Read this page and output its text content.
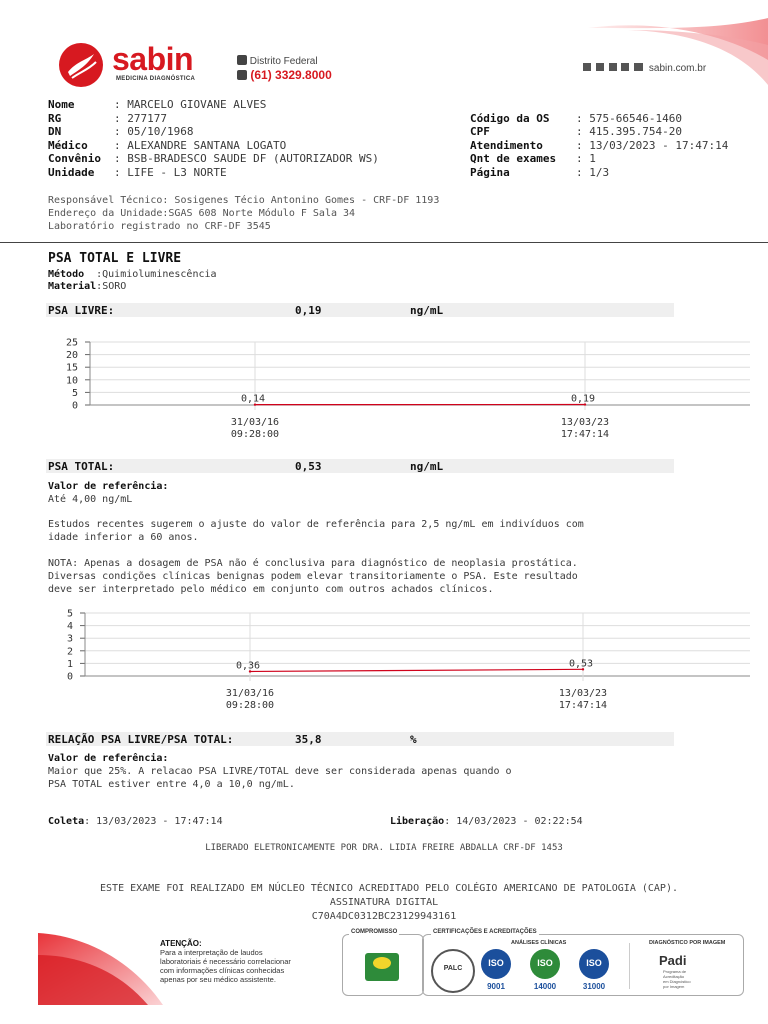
sabin
MEDICINA DIAGNÓSTICA
Distrito Federal
(61) 3329.8000	sabin.com.br
Nome	: MARCELO GIOVANE ALVES
RG	: 277177
DN	: 05/10/1968
Médico : ALEXANDRE SANTANA LOGATO
Convênio : BSB-BRADESCO SAUDE DF (AUTORIZADOR WS)
Unidade : LIFE - L3 NORTE
Código da OS : 575-66546-1460
CPF	: 415.395.754-20
Atendimento	: 13/03/2023 - 17:47:14
Qnt de exames : 1
Página	: 1/3
Responsável Técnico: Sosigenes Técio Antonino Gomes - CRF-DF 1193
Endereço da Unidade:SGAS 608 Norte Módulo F Sala 34
Laboratório registrado no CRF-DF 3545
PSA TOTAL E LIVRE
Método :Quimioluminescência
Material:SORO
PSA LIVRE:	0,19	ng/mL
0
5
10
15
20
25
31/03/16
09:28:00
13/03/23
17:47:14
0,14	0,19
PSA TOTAL:	0,53	ng/mL
Valor de referência:
Até 4,00 ng/mL
Estudos recentes sugerem o ajuste do valor de referência para 2,5 ng/mL em indivíduos com
idade inferior a 60 anos.
NOTA: Apenas a dosagem de PSA não é conclusiva para diagnóstico de neoplasia prostática.
Diversas condições clínicas benignas podem elevar transitoriamente o PSA. Este resultado
deve ser interpretado pelo médico em conjunto com outros achados clínicos.
0
1
2
3
4
5
31/03/16
09:28:00
13/03/23
17:47:14
0,36	0,53
RELAÇÃO PSA LIVRE/PSA TOTAL:	35,8	%
Valor de referência:
Maior que 25%. A relacao PSA LIVRE/TOTAL deve ser considerada apenas quando o
PSA TOTAL estiver entre 4,0 a 10,0 ng/mL.
Coleta: 13/03/2023 - 17:47:14	Liberação: 14/03/2023 - 02:22:54
LIBERADO ELETRONICAMENTE POR DRA. LIDIA FREIRE ABDALLA CRF-DF 1453
ESTE EXAME FOI REALIZADO EM NÚCLEO TÉCNICO ACREDITADO PELO COLÉGIO AMERICANO DE PATOLOGIA (CAP).
ASSINATURA DIGITAL
C70A4DC0312BC23129943161
ATENÇÃO:
Para a interpretação de laudos
laboratoriais é necessário correlacionar
com informações clínicas conhecidas
apenas por seu médico assistente.
COMPROMISSO	CERTIFICAÇÕES E ACREDITAÇÕES
ANÁLISES CLÍNICAS	DIAGNÓSTICO POR IMAGEM
PALC
ISO
9001
ISO
14000
ISO
31000
Padi
Programa de
Acreditação
em Diagnóstico
por Imagem
